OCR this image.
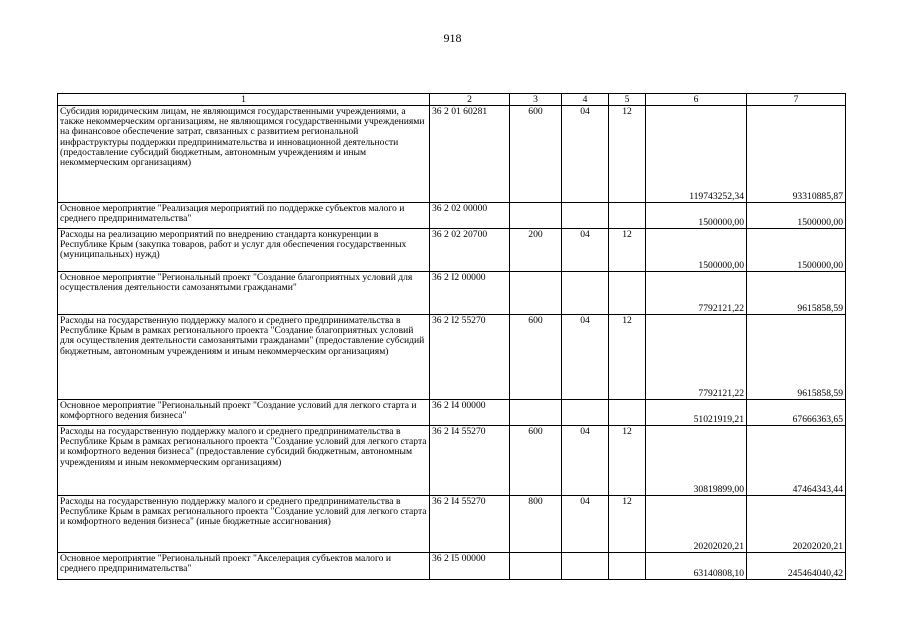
918
1	2	3	4	5	6	7
Субсидия юридическим лицам, не являющимся государственными учреждениями, а также некоммерческим организациям, не являющимся государственными учреждениями на финансовое обеспечение затрат, связанных с развитием региональной инфраструктуры поддержки предпринимательства и инновационной деятельности (предоставление субсидий бюджетным, автономным учреждениям и иным некоммерческим организациям)	36 2 01 60281	600	04	12	119743252,34	93310885,87
Основное мероприятие "Реализация мероприятий по поддержке субъектов малого и среднего предпринимательства"	36 2 02 00000				1500000,00	1500000,00
Расходы на реализацию мероприятий по внедрению стандарта конкуренции в Республике Крым (закупка товаров, работ и услуг для обеспечения государственных (муниципальных) нужд)	36 2 02 20700	200	04	12	1500000,00	1500000,00
Основное мероприятие "Региональный проект "Создание благоприятных условий для осуществления деятельности самозанятыми гражданами"	36 2 I2 00000				7792121,22	9615858,59
Расходы на государственную поддержку малого и среднего предпринимательства в Республике Крым в рамках регионального проекта "Создание благоприятных условий для осуществления деятельности самозанятыми гражданами" (предоставление субсидий бюджетным, автономным учреждениям и иным некоммерческим организациям)	36 2 I2 55270	600	04	12	7792121,22	9615858,59
Основное мероприятие "Региональный проект "Создание условий для легкого старта и комфортного ведения бизнеса"	36 2 I4 00000				51021919,21	67666363,65
Расходы на государственную поддержку малого и среднего предпринимательства в Республике Крым в рамках регионального проекта "Создание условий для легкого старта и комфортного ведения бизнеса" (предоставление субсидий бюджетным, автономным учреждениям и иным некоммерческим организациям)	36 2 I4 55270	600	04	12	30819899,00	47464343,44
Расходы на государственную поддержку малого и среднего предпринимательства в Республике Крым в рамках регионального проекта "Создание условий для легкого старта и комфортного ведения бизнеса" (иные бюджетные ассигнования)	36 2 I4 55270	800	04	12	20202020,21	20202020,21
Основное мероприятие "Региональный проект "Акселерация субъектов малого и среднего предпринимательства"	36 2 I5 00000				63140808,10	245464040,42
